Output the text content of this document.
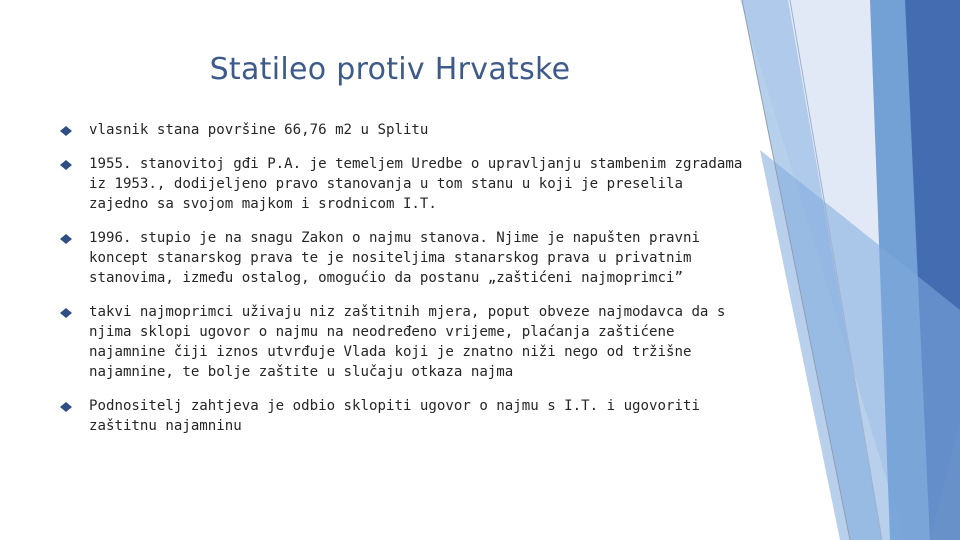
Statileo protiv Hrvatske
vlasnik stana površine 66,76 m2 u Splitu
1955. stanovitoj gđi P.A. je temeljem Uredbe o upravljanju stambenim zgradama iz 1953., dodijeljeno pravo stanovanja u tom stanu u koji je preselila zajedno sa svojom majkom i srodnicom I.T.
1996. stupio je na snagu Zakon o najmu stanova. Njime je napušten pravni koncept stanarskog prava te je nositeljima stanarskog prava u privatnim stanovima, između ostalog, omogućio da postanu „zaštićeni najmoprimci”
takvi najmoprimci uživaju niz zaštitnih mjera, poput obveze najmodavca da s njima sklopi ugovor o najmu na neodređeno vrijeme, plaćanja zaštićene najamnine čiji iznos utvrđuje Vlada koji je znatno niži nego od tržišne najamnine, te bolje zaštite u slučaju otkaza najma
Podnositelj zahtjeva je odbio sklopiti ugovor o najmu s I.T. i ugovoriti zaštitnu najamninu
